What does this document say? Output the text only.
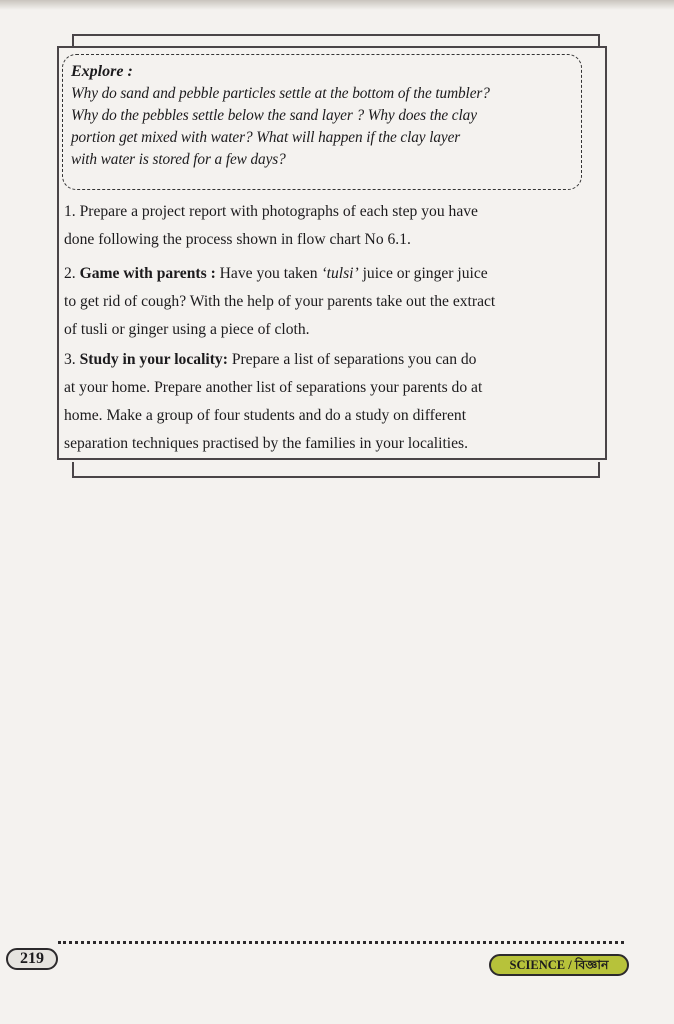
Explore :

Why do sand and pebble particles settle at the bottom of the tumbler?
Why do the pebbles settle below the sand layer ? Why does the clay
portion get mixed with water? What will happen if the clay layer
with water is stored for a few days?

1. Prepare a project report with photographs of each step you have
done following the process shown in flow chart No 6.1.

2. Game with parents : Have you taken ‘tulsi’ juice or ginger juice
to get rid of cough? With the help of your parents take out the extract
of tusli or ginger using a piece of cloth.

3. Study in your locality: Prepare a list of separations you can do
at your home. Prepare another list of separations your parents do at
home. Make a group of four students and do a study on different
separation techniques practised by the families in your localities.

219	SCIENCE / বিজ্ঞান
